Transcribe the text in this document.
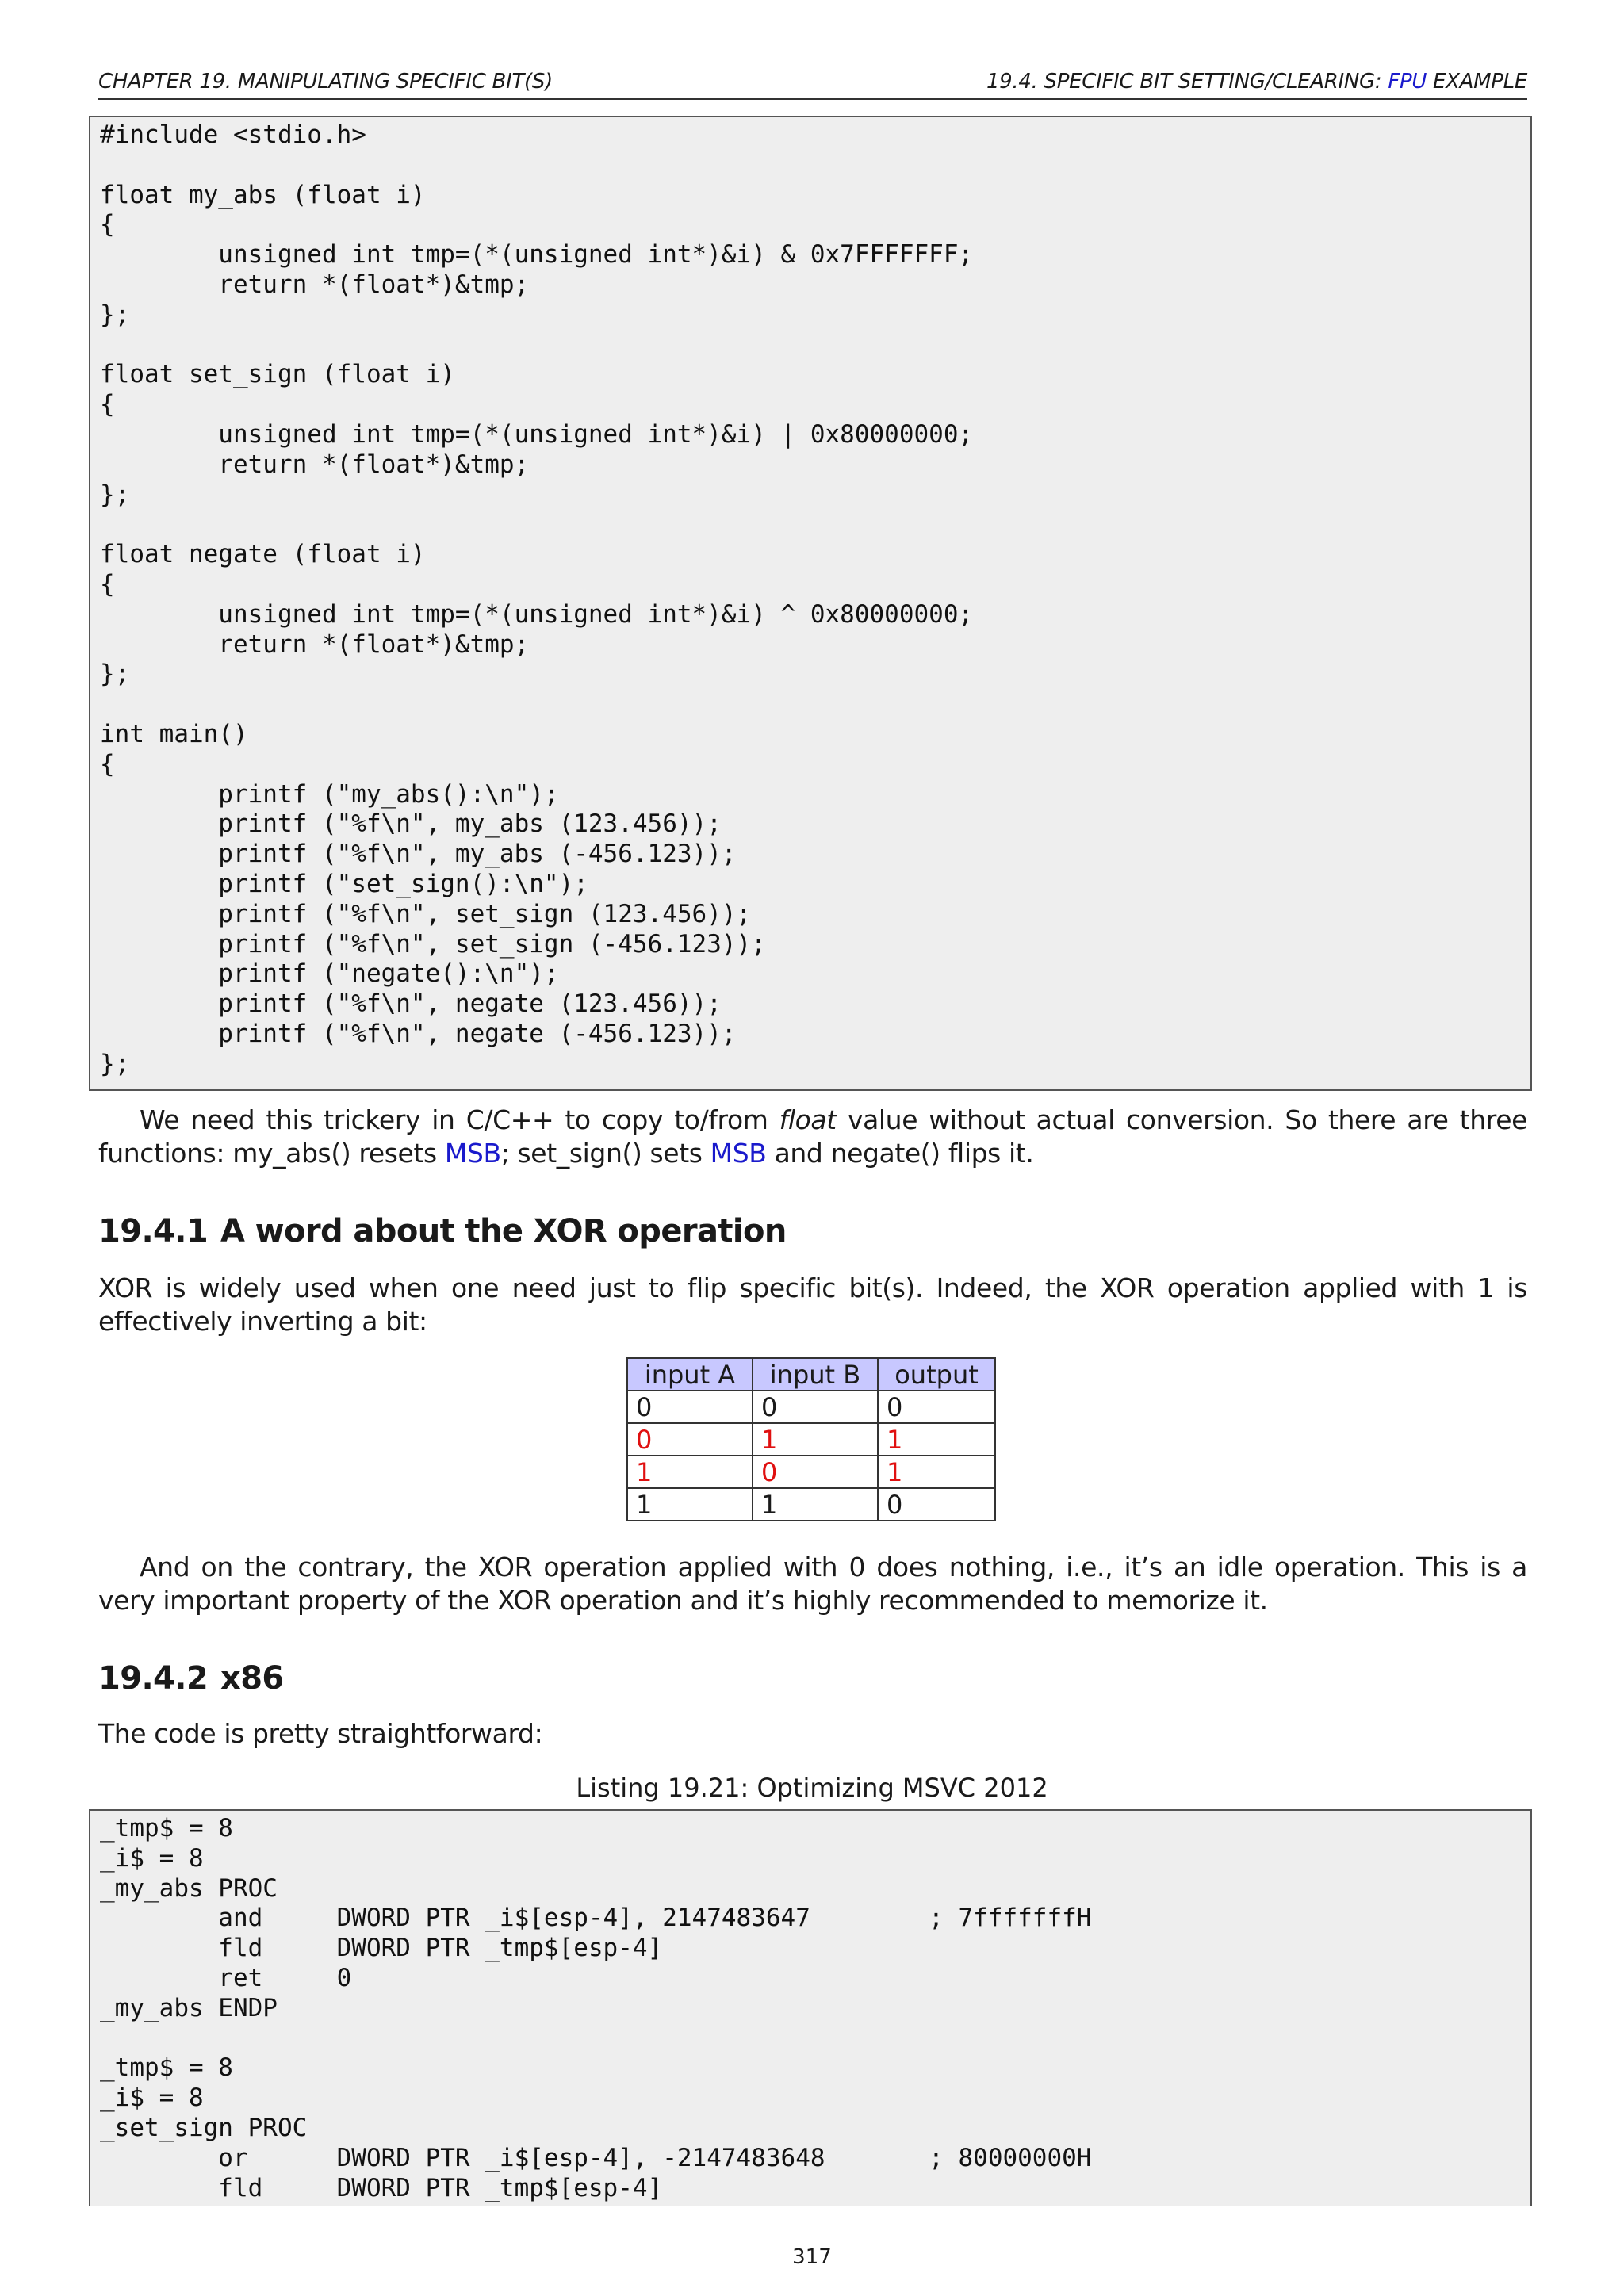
CHAPTER 19. MANIPULATING SPECIFIC BIT(S)	19.4. SPECIFIC BIT SETTING/CLEARING: FPU EXAMPLE
#include <stdio.h>

float my_abs (float i)
{
unsigned int tmp=(*(unsigned int*)&i) & 0x7FFFFFFF;
return *(float*)&tmp;
};

float set_sign (float i)
{
unsigned int tmp=(*(unsigned int*)&i) | 0x80000000;
return *(float*)&tmp;
};

float negate (float i)
{
unsigned int tmp=(*(unsigned int*)&i) ^ 0x80000000;
return *(float*)&tmp;
};

int main()
{
printf ("my_abs():\n");
printf ("%f\n", my_abs (123.456));
printf ("%f\n", my_abs (-456.123));
printf ("set_sign():\n");
printf ("%f\n", set_sign (123.456));
printf ("%f\n", set_sign (-456.123));
printf ("negate():\n");
printf ("%f\n", negate (123.456));
printf ("%f\n", negate (-456.123));
};
We need this trickery in C/C++ to copy to/from float value without actual conversion. So there are three functions: my_abs() resets MSB; set_sign() sets MSB and negate() flips it.
19.4.1 A word about the XOR operation
XOR is widely used when one need just to flip specific bit(s). Indeed, the XOR operation applied with 1 is effectively inverting a bit:
input A	input B	output
0	0	0
0	1	1
1	0	1
1	1	0
And on the contrary, the XOR operation applied with 0 does nothing, i.e., it’s an idle operation. This is a very important property of the XOR operation and it’s highly recommended to memorize it.
19.4.2 x86
The code is pretty straightforward:
Listing 19.21: Optimizing MSVC 2012
_tmp$ = 8
_i$ = 8
_my_abs PROC
and     DWORD PTR _i$[esp-4], 2147483647        ; 7fffffffH
fld     DWORD PTR _tmp$[esp-4]
ret     0
_my_abs ENDP

_tmp$ = 8
_i$ = 8
_set_sign PROC
or      DWORD PTR _i$[esp-4], -2147483648       ; 80000000H
fld     DWORD PTR _tmp$[esp-4]
317
